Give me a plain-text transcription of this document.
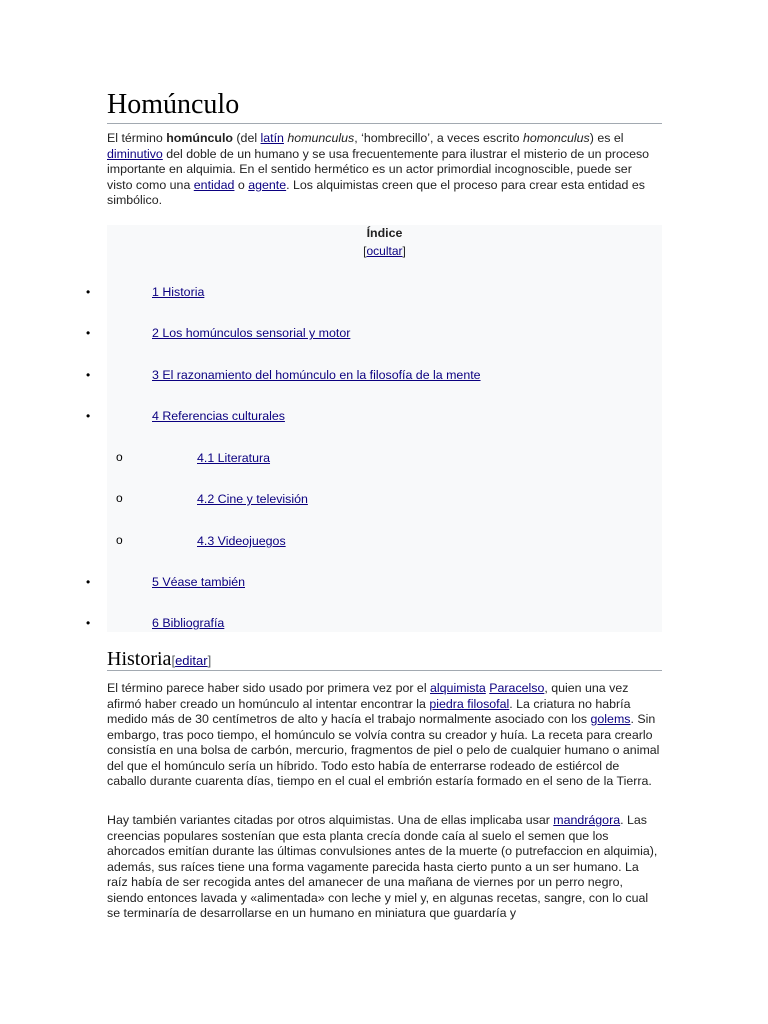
Homúnculo

El término homúnculo (del latín homunculus, ‘hombrecillo’, a veces escrito homonculus) es el diminutivo del doble de un humano y se usa frecuentemente para ilustrar el misterio de un proceso importante en alquimia. En el sentido hermético es un actor primordial incognoscible, puede ser visto como una entidad o agente. Los alquimistas creen que el proceso para crear esta entidad es simbólico.

Índice
[ocultar]
•	1 Historia
•	2 Los homúnculos sensorial y motor
•	3 El razonamiento del homúnculo en la filosofía de la mente
•	4 Referencias culturales
o	4.1 Literatura
o	4.2 Cine y televisión
o	4.3 Videojuegos
•	5 Véase también
•	6 Bibliografía
Historia[editar]

El término parece haber sido usado por primera vez por el alquimista Paracelso, quien una vez afirmó haber creado un homúnculo al intentar encontrar la piedra filosofal. La criatura no habría medido más de 30 centímetros de alto y hacía el trabajo normalmente asociado con los golems. Sin embargo, tras poco tiempo, el homúnculo se volvía contra su creador y huía. La receta para crearlo consistía en una bolsa de carbón, mercurio, fragmentos de piel o pelo de cualquier humano o animal del que el homúnculo sería un híbrido. Todo esto había de enterrarse rodeado de estiércol de caballo durante cuarenta días, tiempo en el cual el embrión estaría formado en el seno de la Tierra.

Hay también variantes citadas por otros alquimistas. Una de ellas implicaba usar mandrágora. Las creencias populares sostenían que esta planta crecía donde caía al suelo el semen que los ahorcados emitían durante las últimas convulsiones antes de la muerte (o putrefaccion en alquimia), además, sus raíces tiene una forma vagamente parecida hasta cierto punto a un ser humano. La raíz había de ser recogida antes del amanecer de una mañana de viernes por un perro negro, siendo entonces lavada y «alimentada» con leche y miel y, en algunas recetas, sangre, con lo cual se terminaría de desarrollarse en un humano en miniatura que guardaría y
